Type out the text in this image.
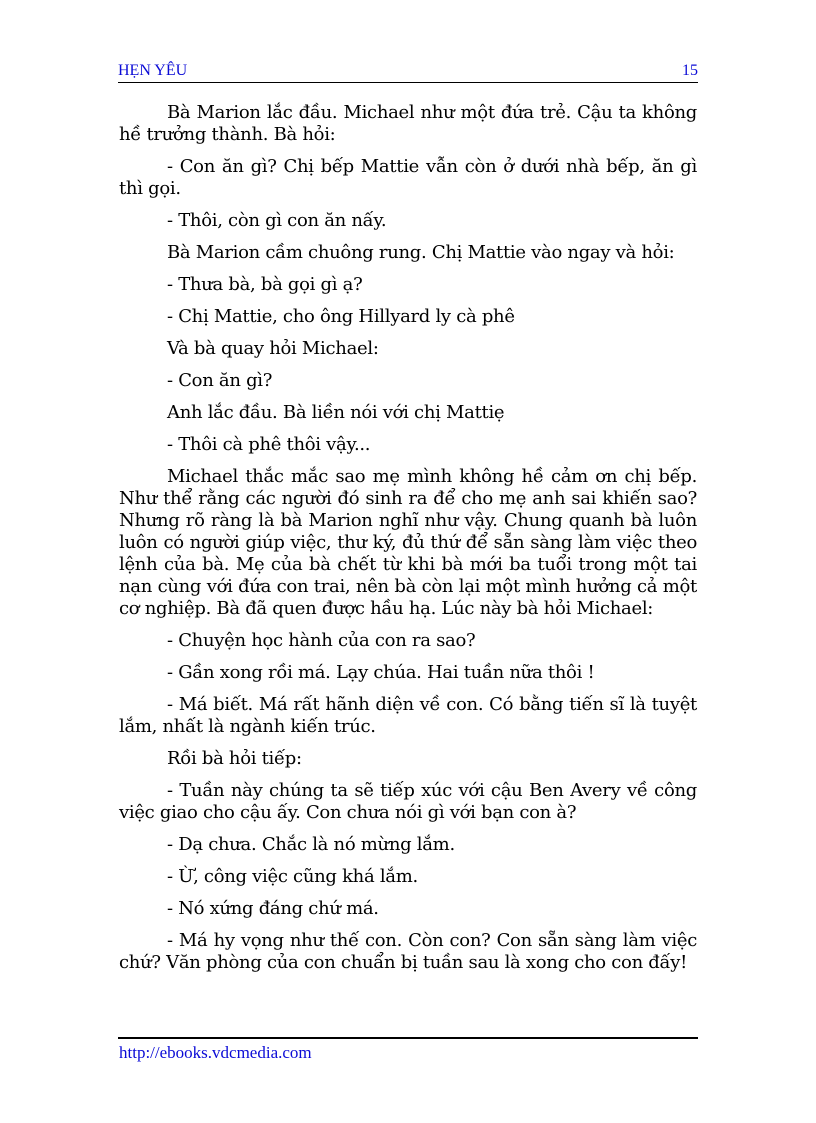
HẸN YÊU	15

Bà Marion lắc đầu. Michael như một đứa trẻ. Cậu ta không hề trưởng thành. Bà hỏi:

- Con ăn gì? Chị bếp Mattie vẫn còn ở dưới nhà bếp, ăn gì thì gọi.

- Thôi, còn gì con ăn nấy.

Bà Marion cầm chuông rung. Chị Mattie vào ngay và hỏi:

- Thưa bà, bà gọi gì ạ?

- Chị Mattie, cho ông Hillyard ly cà phê

Và bà quay hỏi Michael:

- Con ăn gì?

Anh lắc đầu. Bà liền nói với chị Mattiẹ

- Thôi cà phê thôi vậy...

Michael thắc mắc sao mẹ mình không hề cảm ơn chị bếp. Như thể rằng các người đó sinh ra để cho mẹ anh sai khiến sao? Nhưng rõ ràng là bà Marion nghĩ như vậy. Chung quanh bà luôn luôn có người giúp việc, thư ký, đủ thứ để sẵn sàng làm việc theo lệnh của bà. Mẹ của bà chết từ khi bà mới ba tuổi trong một tai nạn cùng với đứa con trai, nên bà còn lại một mình hưởng cả một cơ nghiệp. Bà đã quen được hầu hạ. Lúc này bà hỏi Michael:

- Chuyện học hành của con ra sao?

- Gần xong rồi má. Lạy chúa. Hai tuần nữa thôi !

- Má biết. Má rất hãnh diện về con. Có bằng tiến sĩ là tuyệt lắm, nhất là ngành kiến trúc.

Rồi bà hỏi tiếp:

- Tuần này chúng ta sẽ tiếp xúc với cậu Ben Avery về công việc giao cho cậu ấy. Con chưa nói gì với bạn con à?

- Dạ chưa. Chắc là nó mừng lắm.

- Ừ, công việc cũng khá lắm.

- Nó xứng đáng chứ má.

- Má hy vọng như thế con. Còn con? Con sẵn sàng làm việc chứ? Văn phòng của con chuẩn bị tuần sau là xong cho con đấy!

http://ebooks.vdcmedia.com
